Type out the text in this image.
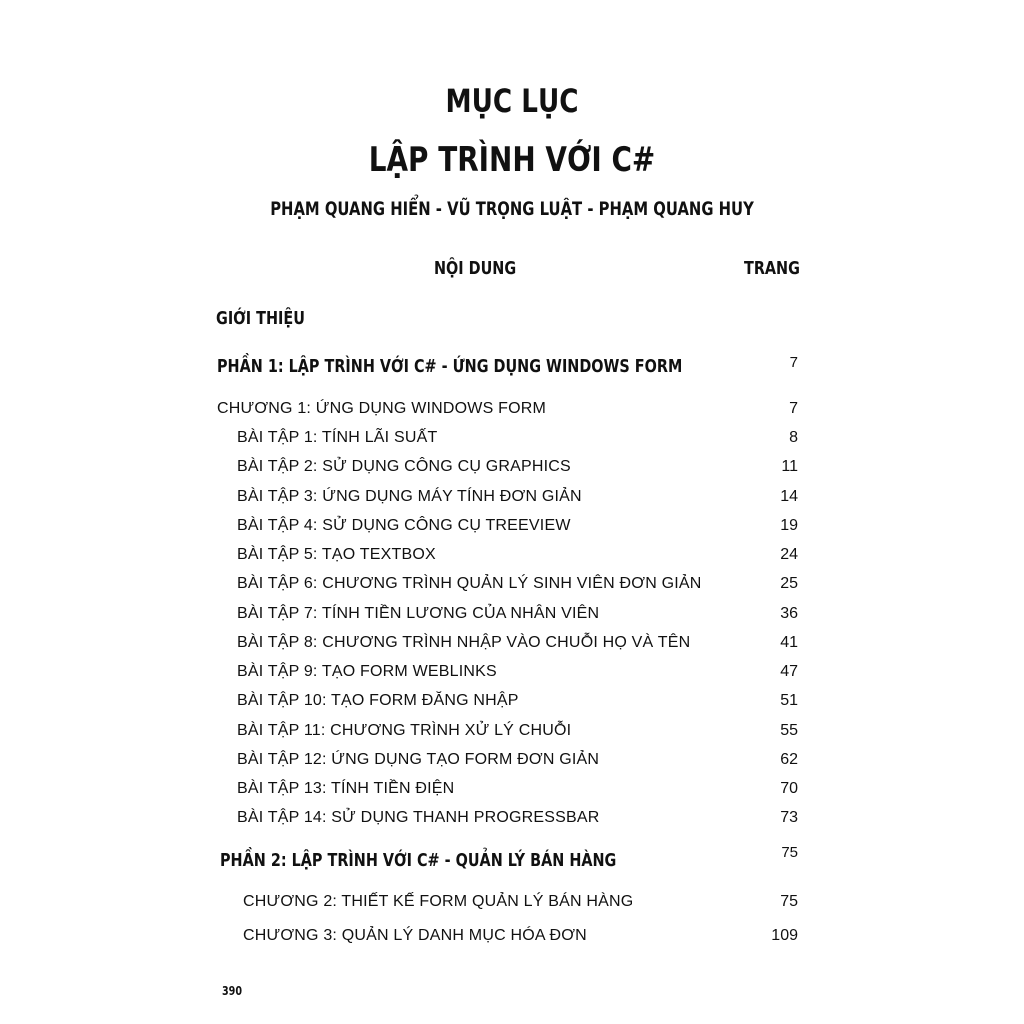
MỤC LỤC
LẬP TRÌNH VỚI C#
PHẠM QUANG HIỂN - VŨ TRỌNG LUẬT - PHẠM QUANG HUY
NỘI DUNG	TRANG
GIỚI THIỆU
PHẦN 1: LẬP TRÌNH VỚI C# - ỨNG DỤNG WINDOWS FORM	7
CHƯƠNG 1: ỨNG DỤNG WINDOWS FORM	7
BÀI TẬP 1: TÍNH LÃI SUẤT	8
BÀI TẬP 2: SỬ DỤNG CÔNG CỤ GRAPHICS	11
BÀI TẬP 3: ỨNG DỤNG MÁY TÍNH ĐƠN GIẢN	14
BÀI TẬP 4: SỬ DỤNG CÔNG CỤ TREEVIEW	19
BÀI TẬP 5: TẠO TEXTBOX	24
BÀI TẬP 6: CHƯƠNG TRÌNH QUẢN LÝ SINH VIÊN ĐƠN GIẢN	25
BÀI TẬP 7: TÍNH TIỀN LƯƠNG CỦA NHÂN VIÊN	36
BÀI TẬP 8: CHƯƠNG TRÌNH NHẬP VÀO CHUỖI HỌ VÀ TÊN	41
BÀI TẬP 9: TẠO FORM WEBLINKS	47
BÀI TẬP 10: TẠO FORM ĐĂNG NHẬP	51
BÀI TẬP 11: CHƯƠNG TRÌNH XỬ LÝ CHUỖI	55
BÀI TẬP 12: ỨNG DỤNG TẠO FORM ĐƠN GIẢN	62
BÀI TẬP 13: TÍNH TIỀN ĐIỆN	70
BÀI TẬP 14: SỬ DỤNG THANH PROGRESSBAR	73
PHẦN 2: LẬP TRÌNH VỚI C# - QUẢN LÝ BÁN HÀNG	75
CHƯƠNG 2: THIẾT KẾ FORM QUẢN LÝ BÁN HÀNG	75
CHƯƠNG 3: QUẢN LÝ DANH MỤC HÓA ĐƠN	109
390
